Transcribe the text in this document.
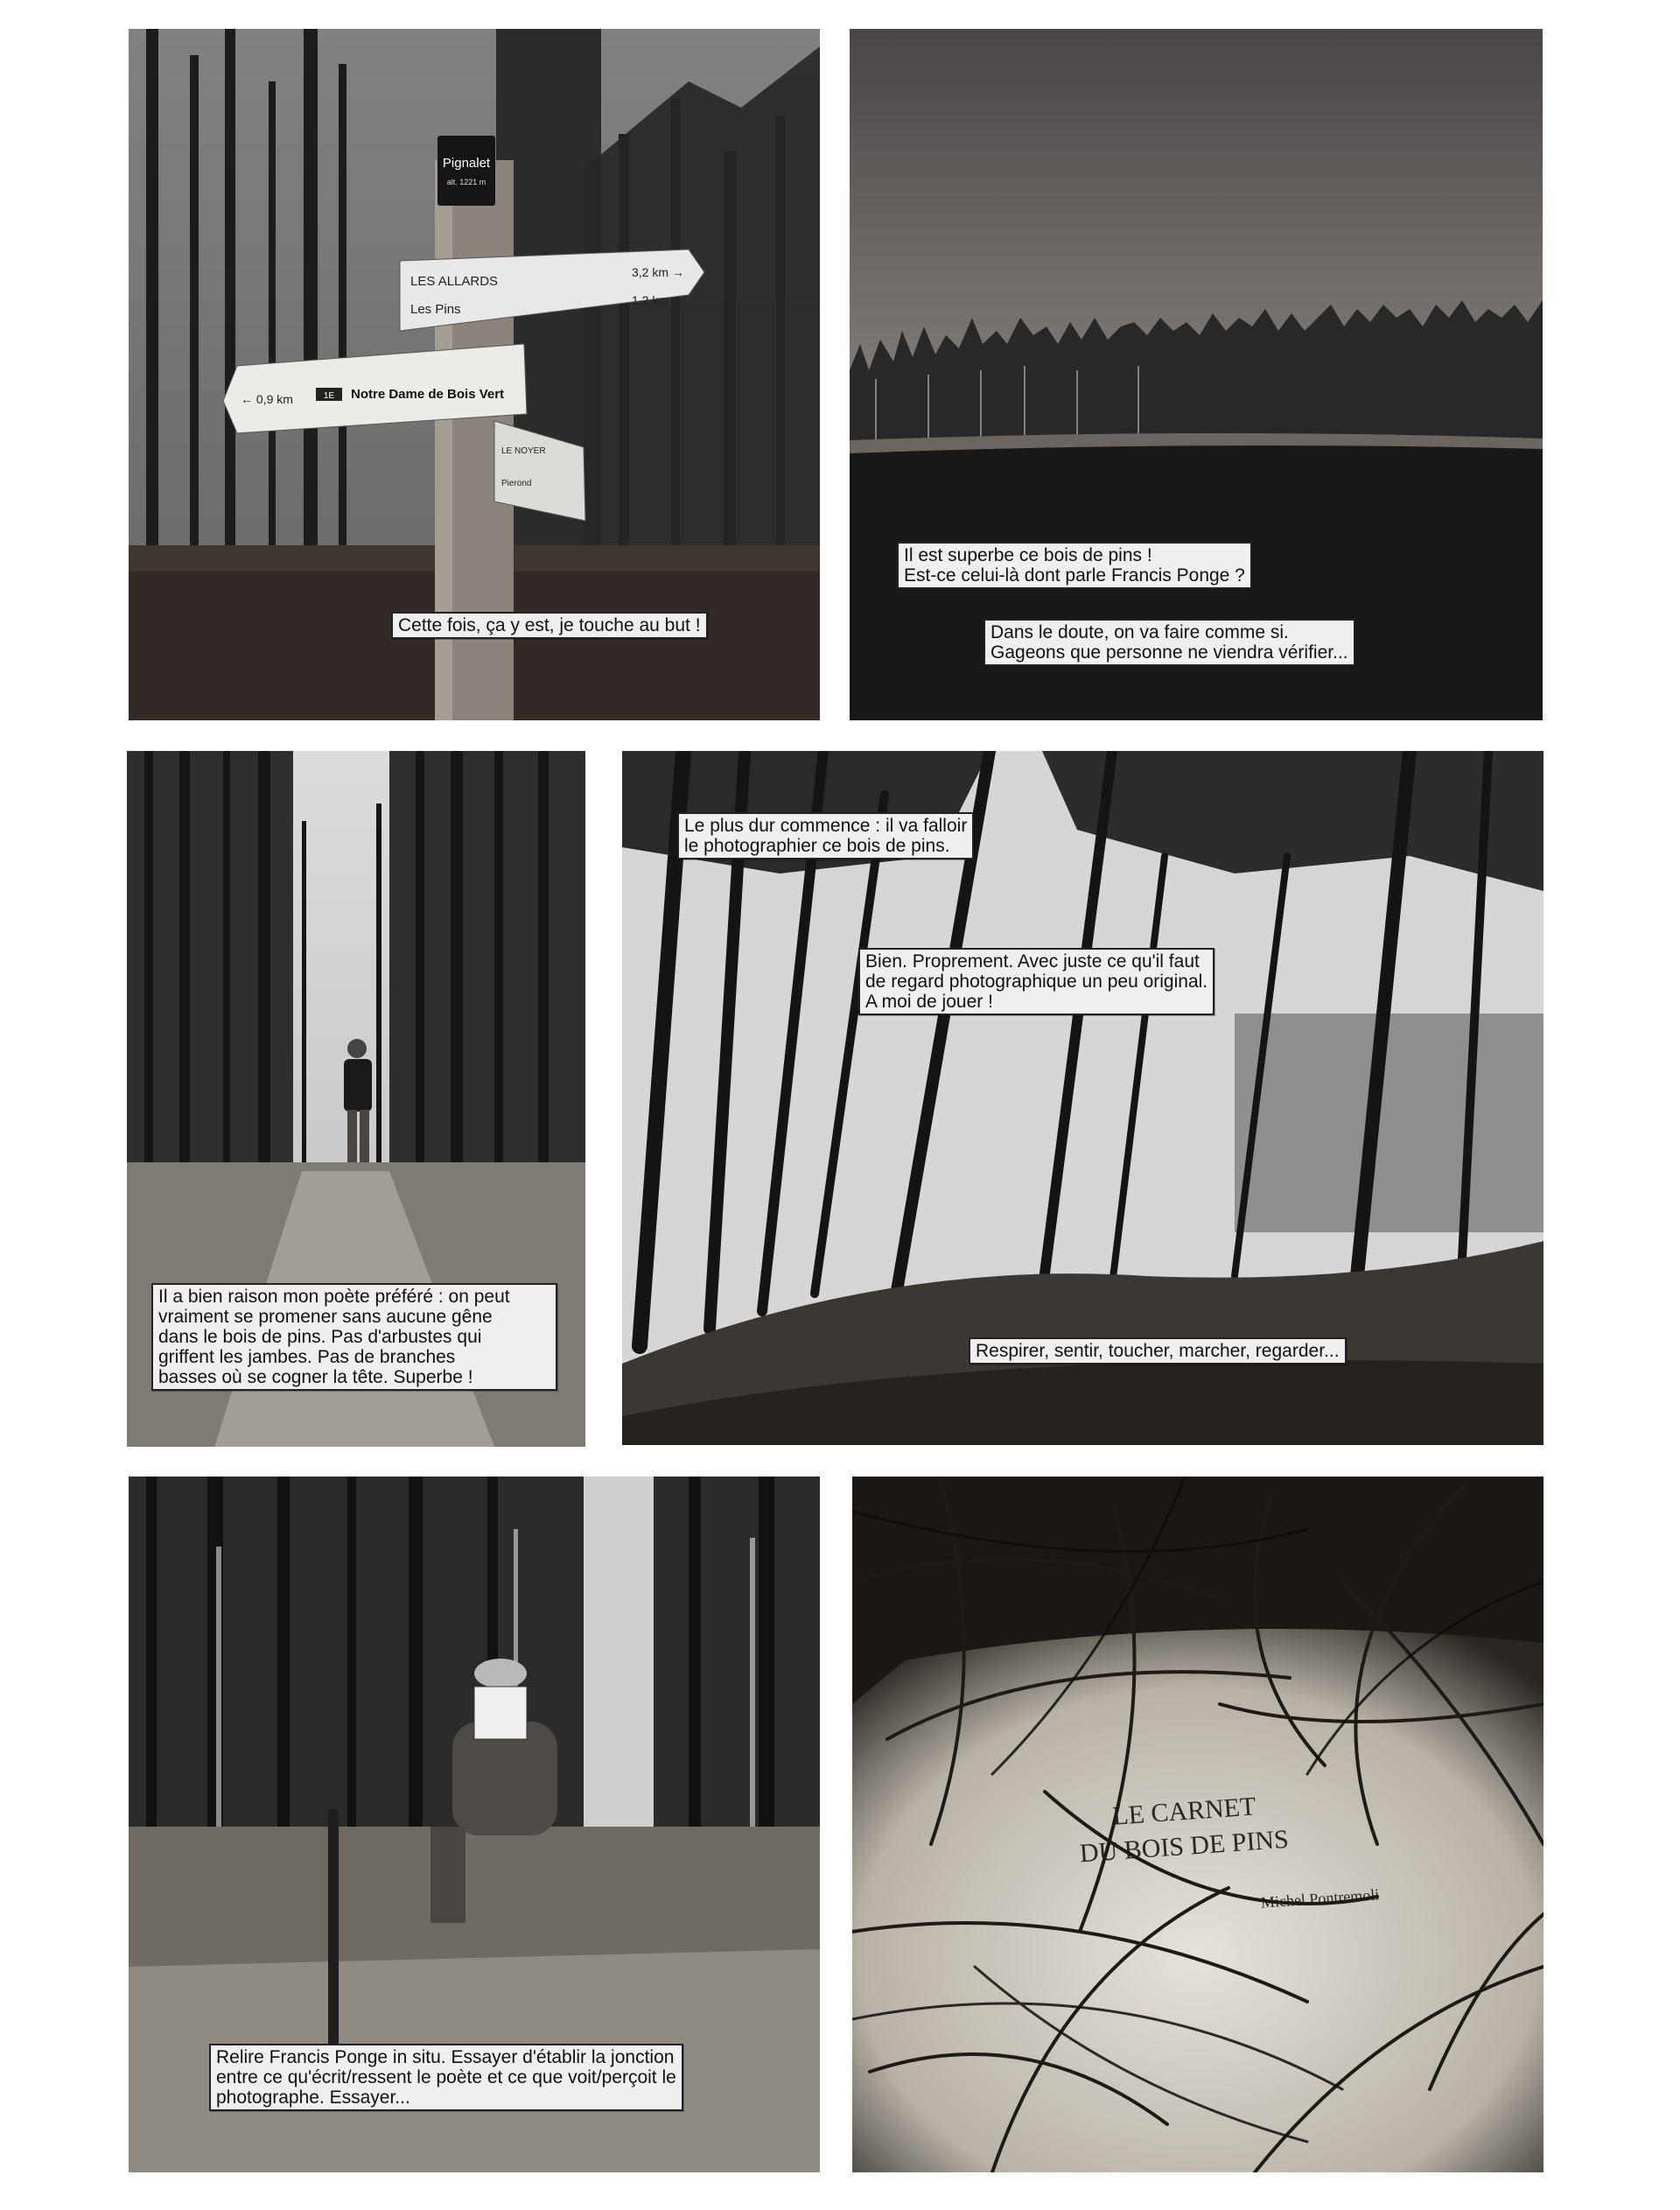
Pignalet
alt. 1221 m
LES ALLARDS
3,2 km →
Les Pins
1,2 km →
← 0,9 km	1E Notre Dame de Bois Vert
LE NOYER
Pierond
Cette fois, ça y est, je touche au but !
Il est superbe ce bois de pins !
Est-ce celui-là dont parle Francis Ponge ?
Dans le doute, on va faire comme si.
Gageons que personne ne viendra vérifier...
Il a bien raison mon poète préféré : on peut
vraiment se promener sans aucune gêne
dans le bois de pins. Pas d'arbustes qui
griffent les jambes. Pas de branches
basses où se cogner la tête. Superbe !
Le plus dur commence : il va falloir
le photographier ce bois de pins.
Bien. Proprement. Avec juste ce qu'il faut
de regard photographique un peu original.
A moi de jouer !
Respirer, sentir, toucher, marcher, regarder...
Relire Francis Ponge in situ. Essayer d'établir la jonction
entre ce qu'écrit/ressent le poète et ce que voit/perçoit le
photographe. Essayer...
LE CARNET
DU BOIS DE PINS
Michel Pontremoli
